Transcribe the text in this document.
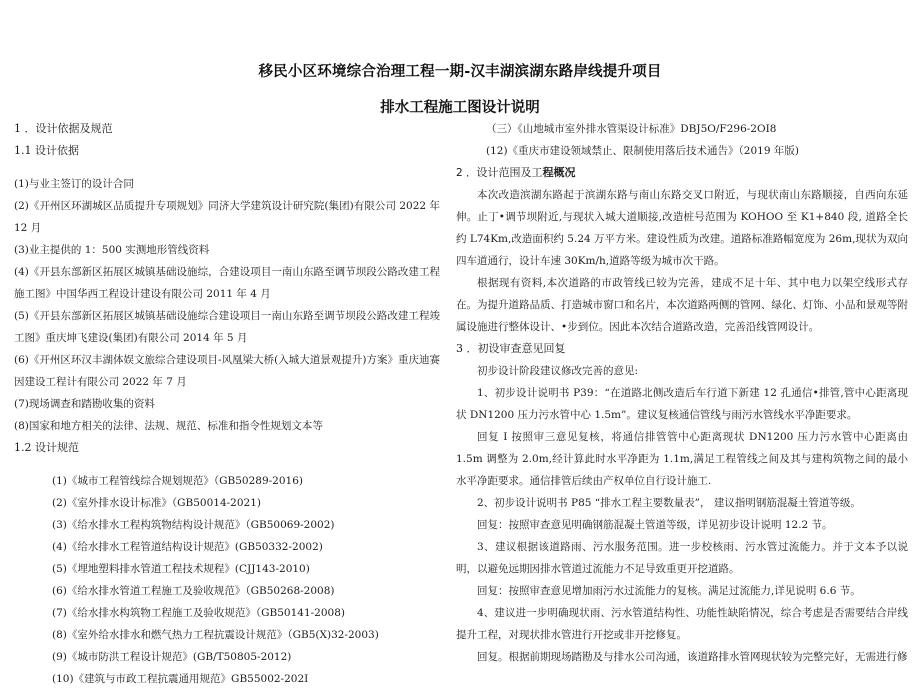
移民小区环境综合治理工程一期-汉丰湖滨湖东路岸线提升项目
排水工程施工图设计说明
1 ．设计依据及规范
1.1 设计依据

(1)与业主签订的设计合同

(2)《开州区环湖城区品质提升专项规划》同济大学建筑设计研究院(集团)有限公司 2022 年 12 月

(3)业主提供的 1：500 实测地形管线资料

(4)《开县东部新区拓展区城镇基础设施综，合建设项目一南山东路至调节坝段公路改建工程施工图》中国华西工程设计建设有限公司 2011 年 4 月

(5)《开县东部新区拓展区城镇基础设施综合建设项目一南山东路至调节坝段公路改建工程竣工图》重庆坤飞建设(集团)有限公司 2014 年 5 月

(6)《开州区环汉丰湖体娱文旅综合建设项目-风凰梁大桥(入城大道景观提升)方案》重庆迪赛因建设工程计有限公司 2022 年 7 月

(7)现场调查和踏勘收集的资料

(8)国家和地方相关的法律、法规、规范、标准和指令性规划文本等

1.2 设计规范

(1)《城市工程管线综合规划规范》（GB50289-2016)

(2)《室外排水设计标准》（GB50014-2021)

(3)《给水排水工程构筑物结构设计规范》（GB50069-2002)

(4)《给水排水工程管道结构设计规范》(GB50332-2002)

(5)《埋地塑料排水管道工程技术规程》(CJJ143-2010)

(6)《给水排水管道工程施工及验收规范》（GB50268-2008)

(7)《给水排水构筑物工程施工及验收规范》（GB50141-2008)

(8)《室外给水排水和燃气热力工程抗震设计规范》（GB5(X)32-2003)

(9)《城市防洪工程设计规范》(GB/T50805-2012)

(10)《建筑与市政工程抗震通用规范》GB55002-202I

（三）《山地城市室外排水管渠设计标准》DBJ5O/F296-2OI8

(12)《重庆市建设领域禁止、限制使用落后技术通告》（2019 年版)

2 ．设计范围及工程概况

本次改造滨湖东路起于滨湖东路与南山东路交叉口附近，与现状南山东路顺接，自西向东延伸。止丁•调节坝附近,与现状入城大道顺接,改造桩号范围为 KOHOO 至 K1+840 段, 道路全长约 L74Km,改造面积约 5.24 万平方米。建设性质为改建。道路标准路幅宽度为 26m,现状为双向四车道通行，设计车速 30Km/h,道路等级为城市次干路。

根据现有资料,本次道路的市政管线已较为完善，建成不足十年、其中电力以架空线形式存在。为提升道路品质、打造城市窗口和名片，本次道路两侧的管网、绿化、灯饰、小品和景观等附属设施进行整体设计、•步到位。因此本次结合道路改造，完善沿线管网设计。

3 ．初设审查意见回复

初步设计阶段建议修改完善的意见:

1、初步设计说明书 P39：“在道路北侧改造后车行道下新建 12 孔通信•排管,管中心距离现状 DN1200 压力污水管中心 1.5m”。建议复核通信管线与雨污水管线水平净距要求。

回复 I 按照审三意见复核，将通信排管管中心距离现状 DN1200 压力污水管中心距离由 1.5m 调整为 2.0m,经计算此时水平净距为 1.1m,满足工程管线之间及其与建构筑物之间的最小水平净距要求。通信排管后续由产权单位自行设计施工.

2、初步设计说明书 P85 “排水工程主要数量表”， 建议指明钢筋混凝土管道等级。

回复：按照审查意见明确钢筋混凝土管道等级，详见初步设计说明 12.2 节。

3、建议根据该道路雨、污水服务范围。进一步校核雨、污水管过流能力。并于文本予以说明，以避免远期因排水管道过流能力不足导致重更开挖道路。

回复：按照审查意见增加雨污水过流能力的复核。满足过流能力,详见说明 6.6 节。

4、建议进一步明确现状雨、污水管道结构性、功能性缺陷情况，综合考虑是否需要结合岸线提升工程，对现状排水管进行开挖或非开挖修复。

回复。根据前期现场踏勘及与排水公司沟通，该道路排水管网现状较为完整完好，无需进行修
